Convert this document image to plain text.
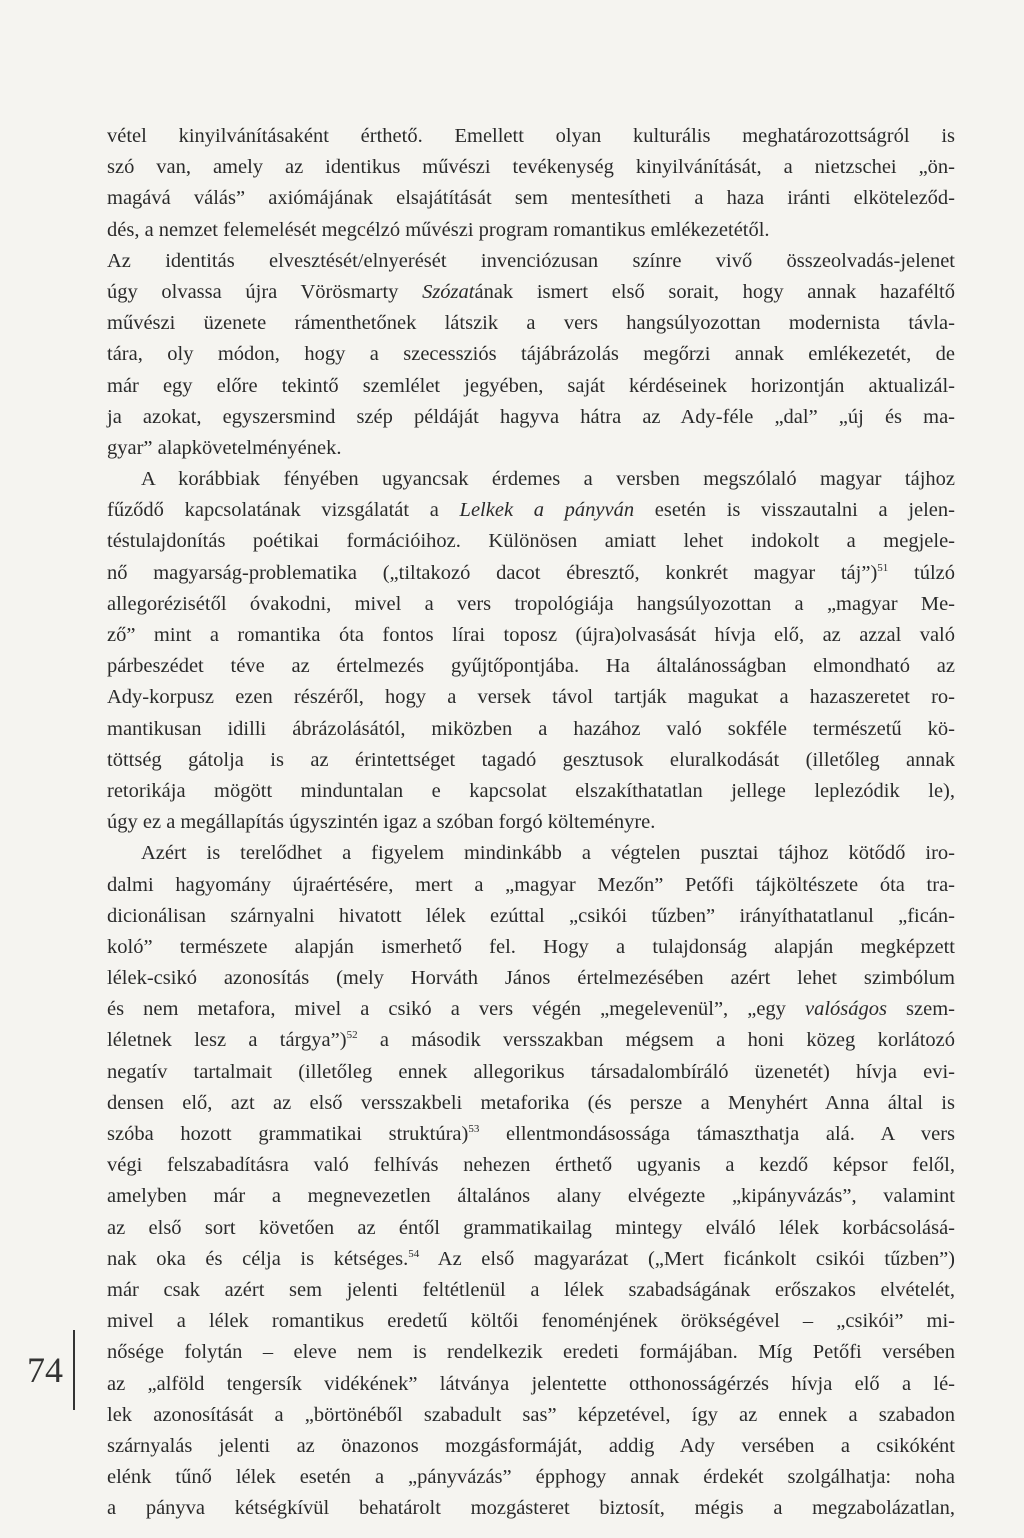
vétel kinyilvánításaként érthető. Emellett olyan kulturális meghatározottságról is
szó van, amely az identikus művészi tevékenység kinyilvánítását, a nietzschei „ön-
magává válás” axiómájának elsajátítását sem mentesítheti a haza iránti elköteleződ-
dés, a nemzet felemelését megcélzó művészi program romantikus emlékezetétől.
Az identitás elvesztését/elnyerését invenciózusan színre vivő összeolvadás-jelenet
úgy olvassa újra Vörösmarty Szózatának ismert első sorait, hogy annak hazaféltő
művészi üzenete rámenthetőnek látszik a vers hangsúlyozottan modernista távla-
tára, oly módon, hogy a szecessziós tájábrázolás megőrzi annak emlékezetét, de
már egy előre tekintő szemlélet jegyében, saját kérdéseinek horizontján aktualizál-
ja azokat, egyszersmind szép példáját hagyva hátra az Ady-féle „dal” „új és ma-
gyar” alapkövetelményének.
A korábbiak fényében ugyancsak érdemes a versben megszólaló magyar tájhoz
fűződő kapcsolatának vizsgálatát a Lelkek a pányván esetén is visszautalni a jelen-
téstulajdonítás poétikai formációihoz. Különösen amiatt lehet indokolt a megjele-
nő magyarság-problematika („tiltakozó dacot ébresztő, konkrét magyar táj”)$^{51}$ túlzó
allegorézisétől óvakodni, mivel a vers tropológiája hangsúlyozottan a „magyar Me-
ző” mint a romantika óta fontos lírai toposz (újra)olvasását hívja elő, az azzal való
párbeszédet téve az értelmezés gyűjtőpontjába. Ha általánosságban elmondható az
Ady-korpusz ezen részéről, hogy a versek távol tartják magukat a hazaszeretet ro-
mantikusan idilli ábrázolásától, miközben a hazához való sokféle természetű kö-
töttség gátolja is az érintettséget tagadó gesztusok eluralkodását (illetőleg annak
retorikája mögött minduntalan e kapcsolat elszakíthatatlan jellege leplezódik le),
úgy ez a megállapítás úgyszintén igaz a szóban forgó költeményre.
Azért is terelődhet a figyelem mindinkább a végtelen pusztai tájhoz kötődő iro-
dalmi hagyomány újraértésére, mert a „magyar Mezőn” Petőfi tájköltészete óta tra-
dicionálisan szárnyalni hivatott lélek ezúttal „csikói tűzben” irányíthatatlanul „ficán-
koló” természete alapján ismerhető fel. Hogy a tulajdonság alapján megképzett
lélek-csikó azonosítás (mely Horváth János értelmezésében azért lehet szimbólum
és nem metafora, mivel a csikó a vers végén „megelevenül”, „egy valóságos szem-
léletnek lesz a tárgya”)$^{52}$ a második versszakban mégsem a honi közeg korlátozó
negatív tartalmait (illetőleg ennek allegorikus társadalombíráló üzenetét) hívja evi-
densen elő, azt az első versszakbeli metaforika (és persze a Menyhért Anna által is
szóba hozott grammatikai struktúra)$^{53}$ ellentmondásossága támaszthatja alá. A vers
végi felszabadításra való felhívás nehezen érthető ugyanis a kezdő képsor felől,
amelyben már a megnevezetlen általános alany elvégezte „kipányvázás”, valamint
az első sort követően az éntől grammatikailag mintegy elváló lélek korbácsolásá-
nak oka és célja is kétséges.$^{54}$ Az első magyarázat („Mert ficánkolt csikói tűzben”)
már csak azért sem jelenti feltétlenül a lélek szabadságának erőszakos elvételét,
mivel a lélek romantikus eredetű költői fenoménjének örökségével – „csikói” mi-
nősége folytán – eleve nem is rendelkezik eredeti formájában. Míg Petőfi versében
az „alföld tengersík vidékének” látványa jelentette otthonosságérzés hívja elő a lé-
lek azonosítását a „börtönéből szabadult sas” képzetével, így az ennek a szabadon
szárnyalás jelenti az önazonos mozgásformáját, addig Ady versében a csikóként
elénk tűnő lélek esetén a „pányvázás” épphogy annak érdekét szolgálhatja: noha
a pányva kétségkívül behatárolt mozgásteret biztosít, mégis a megzabolázatlan,
74
